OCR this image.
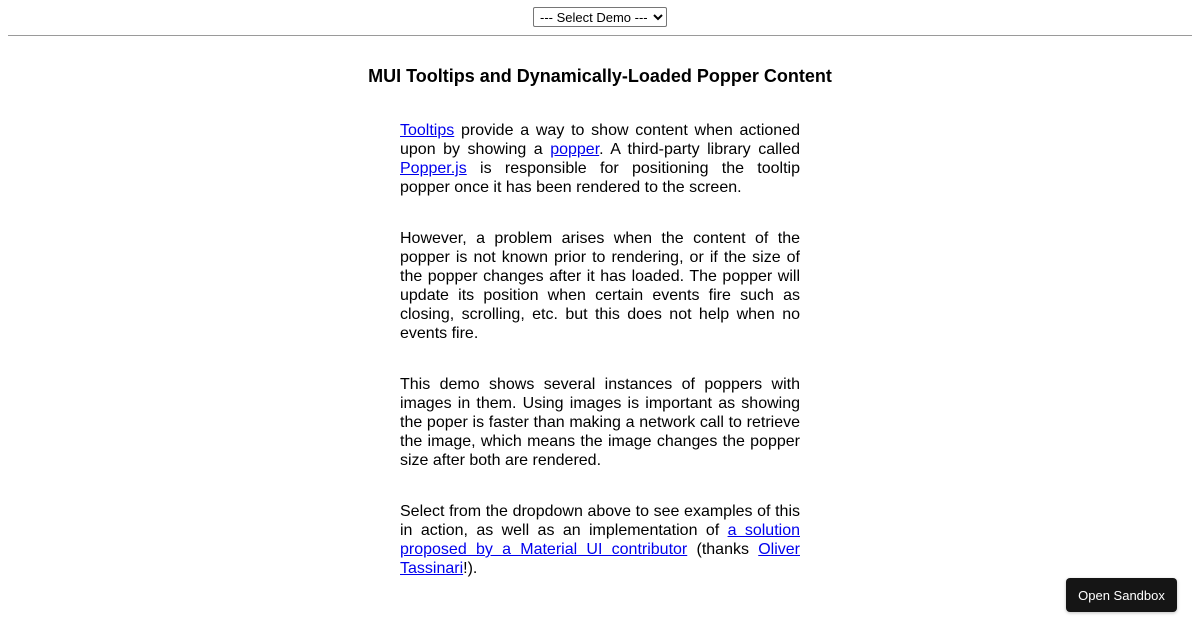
--- Select Demo ---
MUI Tooltips and Dynamically-Loaded Popper Content

Tooltips provide a way to show content when actioned upon by showing a popper. A third-party library called Popper.js is responsible for positioning the tooltip popper once it has been rendered to the screen.

However, a problem arises when the content of the popper is not known prior to rendering, or if the size of the popper changes after it has loaded. The popper will update its position when certain events fire such as closing, scrolling, etc. but this does not help when no events fire.

This demo shows several instances of poppers with images in them. Using images is important as showing the poper is faster than making a network call to retrieve the image, which means the image changes the popper size after both are rendered.

Select from the dropdown above to see examples of this in action, as well as an implementation of a solution proposed by a Material UI contributor (thanks Oliver Tassinari!).

Open Sandbox
